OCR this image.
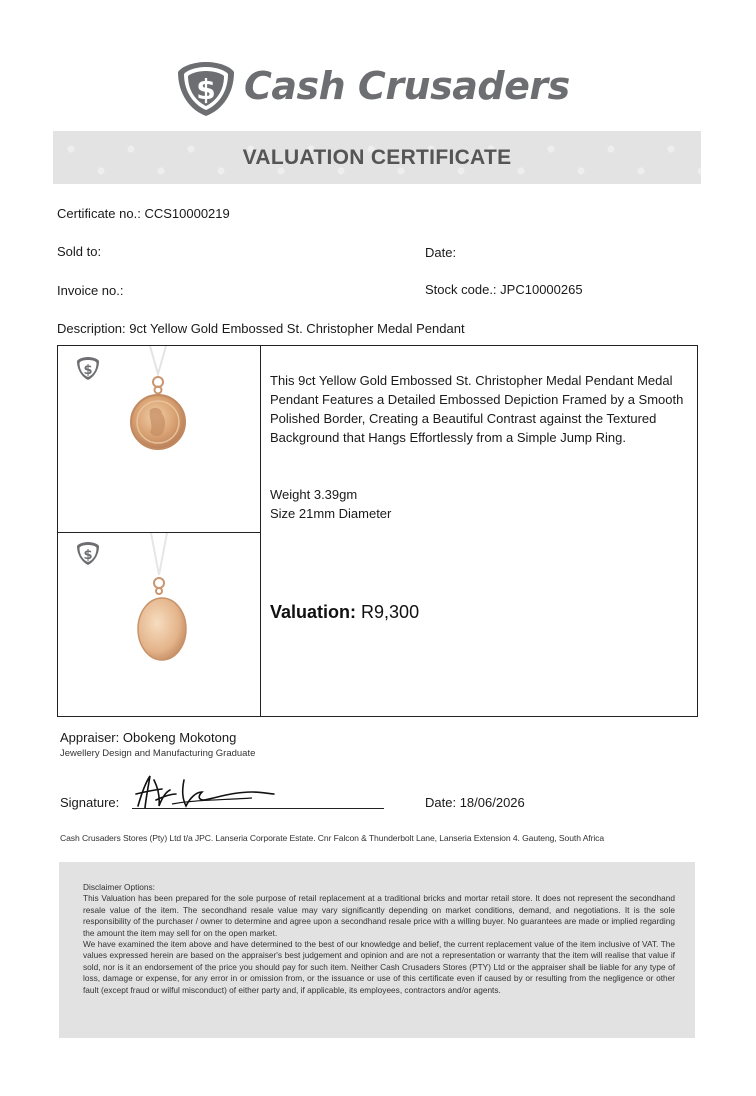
$ Cash Crusaders
VALUATION CERTIFICATE
Certificate no.: CCS10000219
Sold to:	Date:
Invoice no.:	Stock code.: JPC10000265
Description: 9ct Yellow Gold Embossed St. Christopher Medal Pendant
$
$
This 9ct Yellow Gold Embossed St. Christopher Medal Pendant Medal Pendant Features a Detailed Embossed Depiction Framed by a Smooth Polished Border, Creating a Beautiful Contrast against the Textured Background that Hangs Effortlessly from a Simple Jump Ring.
Weight 3.39gm
Size 21mm Diameter
Valuation: R9,300
Appraiser: Obokeng Mokotong
Jewellery Design and Manufacturing Graduate
Signature:	Date: 18/06/2026
Cash Crusaders Stores (Pty) Ltd t/a JPC. Lanseria Corporate Estate. Cnr Falcon & Thunderbolt Lane, Lanseria Extension 4. Gauteng, South Africa

Disclaimer Options:

This Valuation has been prepared for the sole purpose of retail replacement at a traditional bricks and mortar retail store. It does not represent the secondhand resale value of the item. The secondhand resale value may vary significantly depending on market conditions, demand, and negotiations. It is the sole responsibility of the purchaser / owner to determine and agree upon a secondhand resale price with a willing buyer. No guarantees are made or implied regarding the amount the item may sell for on the open market.

We have examined the item above and have determined to the best of our knowledge and belief, the current replacement value of the item inclusive of VAT. The values expressed herein are based on the appraiser's best judgement and opinion and are not a representation or warranty that the item will realise that value if sold, nor is it an endorsement of the price you should pay for such item. Neither Cash Crusaders Stores (PTY) Ltd or the appraiser shall be liable for any type of loss, damage or expense, for any error in or omission from, or the issuance or use of this certificate even if caused by or resulting from the negligence or other fault (except fraud or wilful misconduct) of either party and, if applicable, its employees, contractors and/or agents.
